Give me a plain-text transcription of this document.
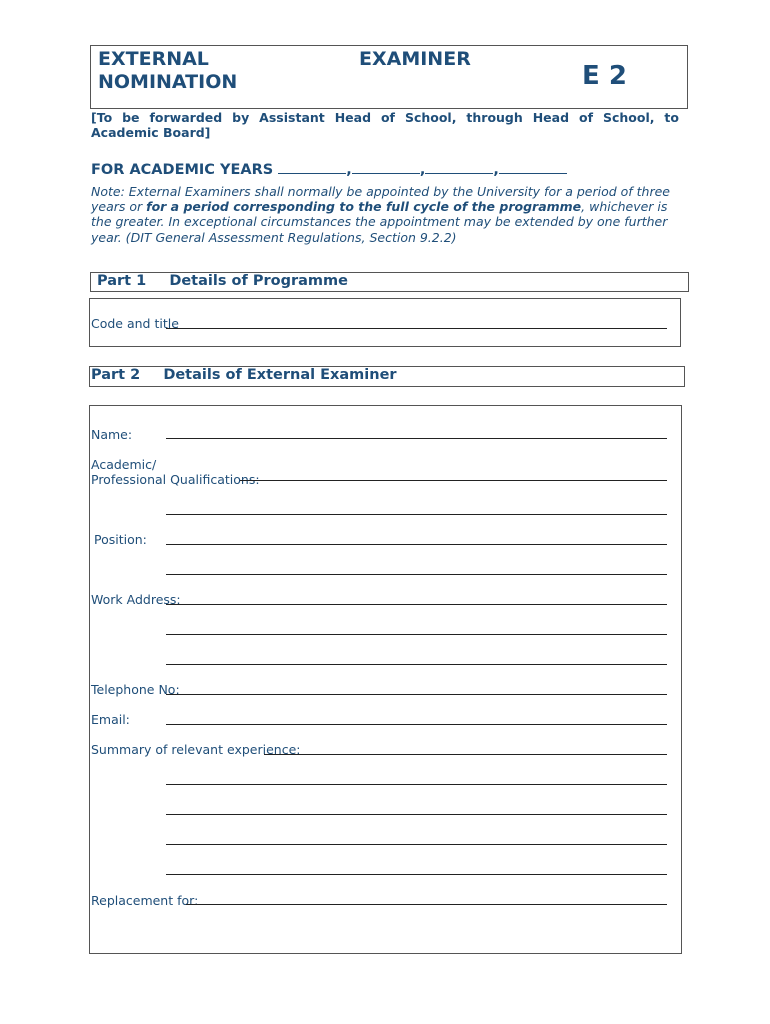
EXTERNAL	EXAMINER
NOMINATION	E 2
[To be forwarded by Assistant Head of School, through Head of School, to Academic Board]
FOR ACADEMIC YEARS	,	,	,
Note: External Examiners shall normally be appointed by the University for a period of three years or for a period corresponding to the full cycle of the programme, whichever is the greater. In exceptional circumstances the appointment may be extended by one further year. (DIT General Assessment Regulations, Section 9.2.2)
Part 1 Details of Programme
Code and title
Part 2 Details of External Examiner
Name:
Academic/
Professional Qualifications:
Position:
Work Address:
Telephone No:
Email:
Summary of relevant experience:
Replacement for:
